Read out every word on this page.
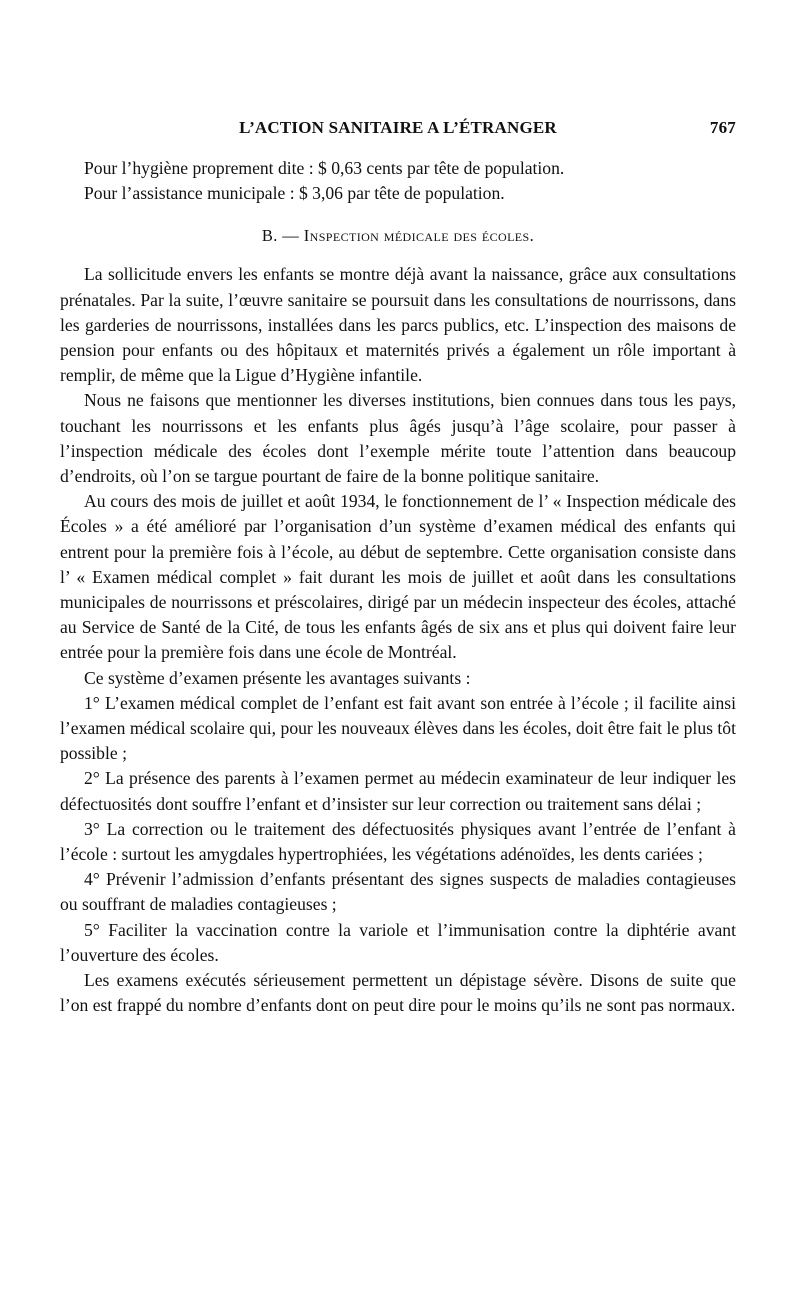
L’ACTION SANITAIRE A L’ÉTRANGER	767

Pour l’hygiène proprement dite : $ 0,63 cents par tête de population.

Pour l’assistance municipale : $ 3,06 par tête de population.

B. — Inspection médicale des écoles.

La sollicitude envers les enfants se montre déjà avant la naissance, grâce aux consultations prénatales. Par la suite, l’œuvre sanitaire se poursuit dans les consultations de nourrissons, dans les garderies de nourrissons, installées dans les parcs publics, etc. L’inspection des maisons de pension pour enfants ou des hôpitaux et maternités privés a également un rôle important à remplir, de même que la Ligue d’Hygiène infantile.

Nous ne faisons que mentionner les diverses institutions, bien connues dans tous les pays, touchant les nourrissons et les enfants plus âgés jusqu’à l’âge scolaire, pour passer à l’inspection médicale des écoles dont l’exemple mérite toute l’attention dans beaucoup d’endroits, où l’on se targue pourtant de faire de la bonne politique sanitaire.

Au cours des mois de juillet et août 1934, le fonctionnement de l’ « Inspection médicale des Écoles » a été amélioré par l’organisation d’un système d’examen médical des enfants qui entrent pour la première fois à l’école, au début de septembre. Cette organisation consiste dans l’ « Examen médical complet » fait durant les mois de juillet et août dans les consultations municipales de nourrissons et préscolaires, dirigé par un médecin inspecteur des écoles, attaché au Service de Santé de la Cité, de tous les enfants âgés de six ans et plus qui doivent faire leur entrée pour la première fois dans une école de Montréal.

Ce système d’examen présente les avantages suivants :

1° L’examen médical complet de l’enfant est fait avant son entrée à l’école ; il facilite ainsi l’examen médical scolaire qui, pour les nouveaux élèves dans les écoles, doit être fait le plus tôt possible ;

2° La présence des parents à l’examen permet au médecin examinateur de leur indiquer les défectuosités dont souffre l’enfant et d’insister sur leur correction ou traitement sans délai ;

3° La correction ou le traitement des défectuosités physiques avant l’entrée de l’enfant à l’école : surtout les amygdales hypertrophiées, les végétations adénoïdes, les dents cariées ;

4° Prévenir l’admission d’enfants présentant des signes suspects de maladies contagieuses ou souffrant de maladies contagieuses ;

5° Faciliter la vaccination contre la variole et l’immunisation contre la diphtérie avant l’ouverture des écoles.

Les examens exécutés sérieusement permettent un dépistage sévère. Disons de suite que l’on est frappé du nombre d’enfants dont on peut dire pour le moins qu’ils ne sont pas normaux.
